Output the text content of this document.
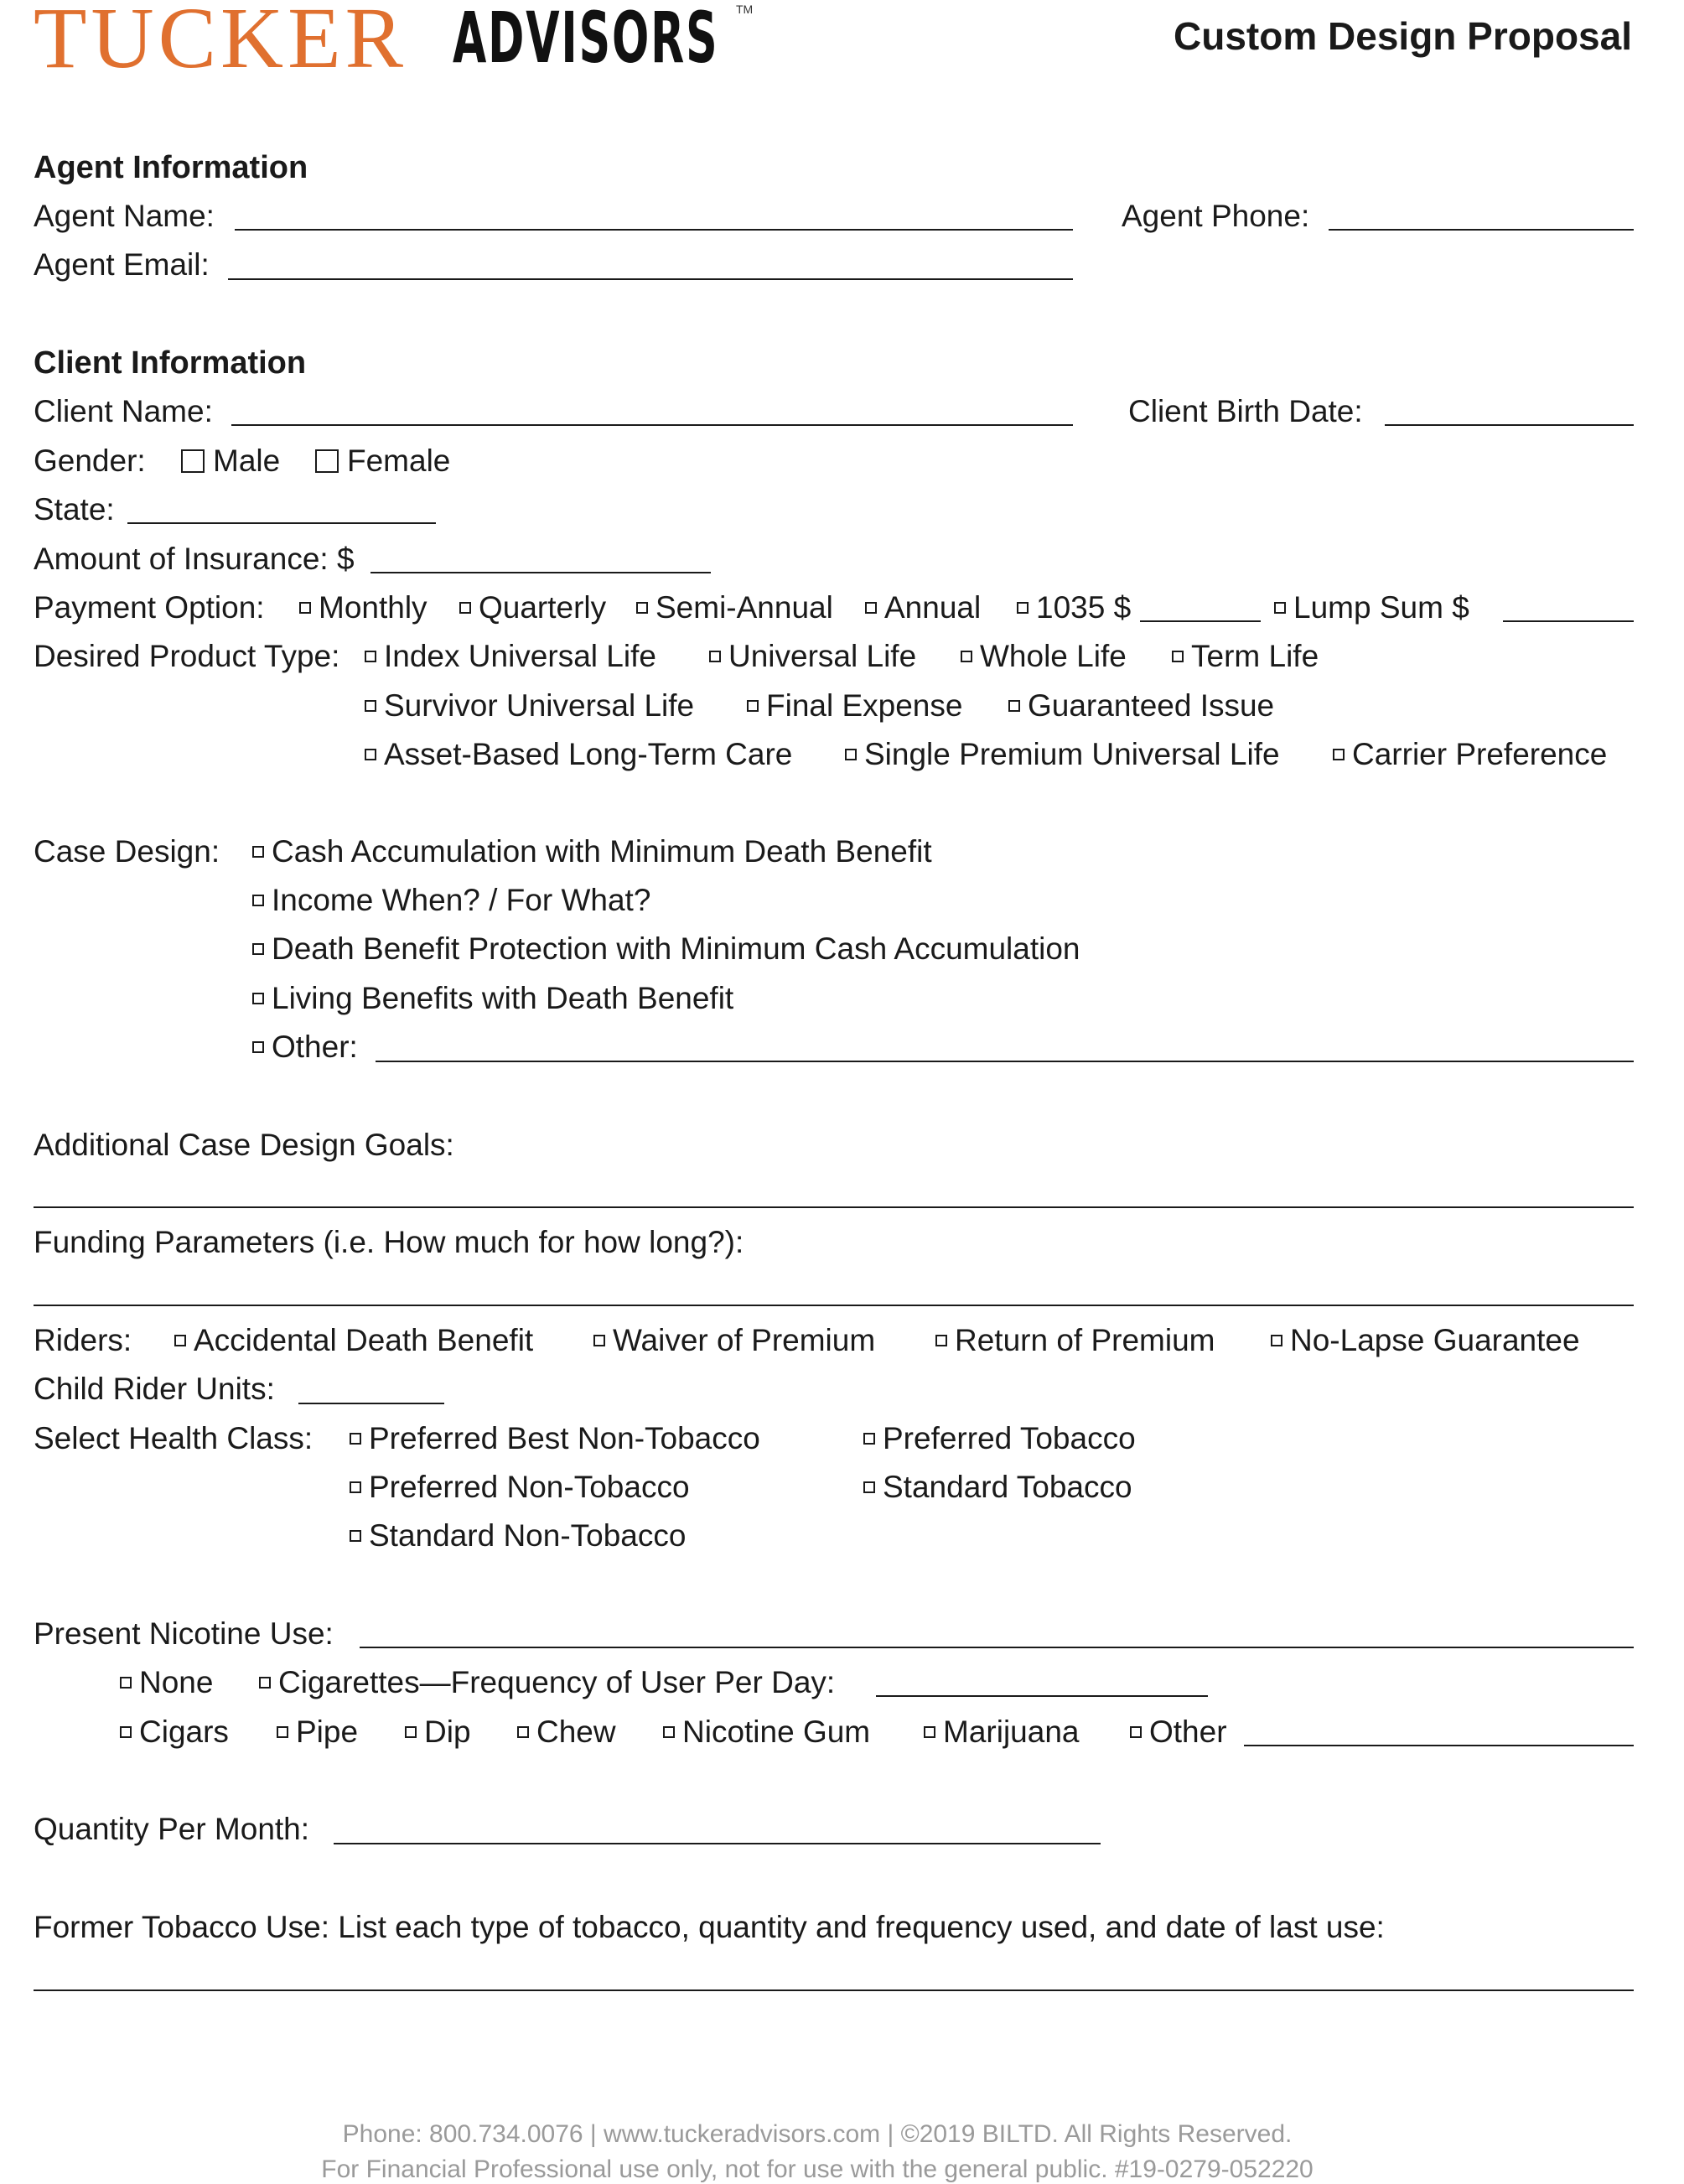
TUCKER ADVISORS TM
Custom Design Proposal
Agent Information
Agent Name:	Agent Phone:
Agent Email:
Client Information
Client Name:	Client Birth Date:
Gender: Male Female
State:
Amount of Insurance: $
Payment Option: Monthly Quarterly Semi-Annual Annual 1035 $	Lump Sum $
Desired Product Type: Index Universal Life Universal Life Whole Life Term Life
Survivor Universal Life Final Expense Guaranteed Issue
Asset-Based Long-Term Care Single Premium Universal Life Carrier Preference
Case Design: Cash Accumulation with Minimum Death Benefit
Income When? / For What?
Death Benefit Protection with Minimum Cash Accumulation
Living Benefits with Death Benefit
Other:
Additional Case Design Goals:
Funding Parameters (i.e. How much for how long?):
Riders: Accidental Death Benefit	Waiver of Premium	Return of Premium No-Lapse Guarantee
Child Rider Units:
Select Health Class: Preferred Best Non-Tobacco	Preferred Tobacco
Preferred Non-Tobacco	Standard Tobacco
Standard Non-Tobacco
Present Nicotine Use:
None Cigarettes—Frequency of User Per Day:
Cigars Pipe Dip Chew Nicotine Gum Marijuana Other
Quantity Per Month:
Former Tobacco Use: List each type of tobacco, quantity and frequency used, and date of last use:
Phone: 800.734.0076 | www.tuckeradvisors.com | ©2019 BILTD. All Rights Reserved.
For Financial Professional use only, not for use with the general public. #19-0279-052220
